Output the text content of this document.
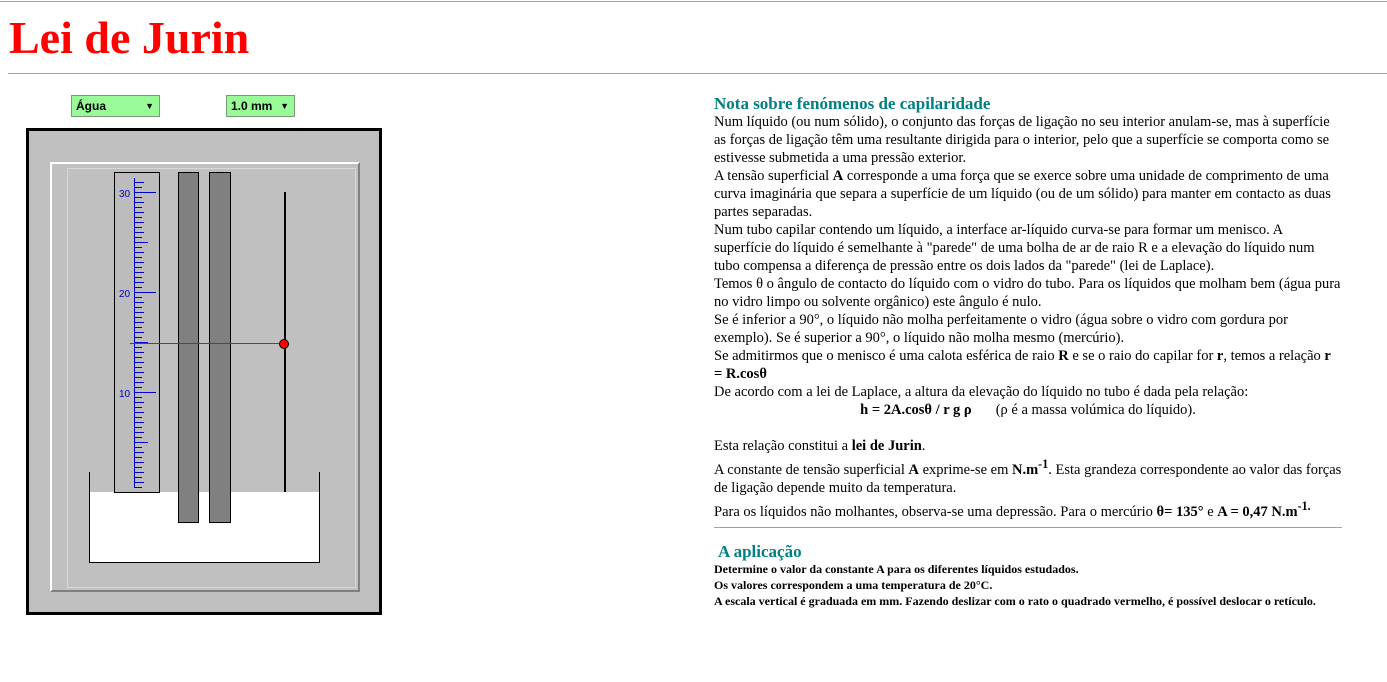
Lei de Jurin
Água	▼	1.0 mm ▼
30
20
10
Nota sobre fenómenos de capilaridade

Num líquido (ou num sólido), o conjunto das forças de ligação no seu interior anulam-se, mas à superfície as forças de ligação têm uma resultante dirigida para o interior, pelo que a superfície se comporta como se estivesse submetida a uma pressão exterior.

A tensão superficial A corresponde a uma força que se exerce sobre uma unidade de comprimento de uma curva imaginária que separa a superfície de um líquido (ou de um sólido) para manter em contacto as duas partes separadas.

Num tubo capilar contendo um líquido, a interface ar-líquido curva-se para formar um menisco. A superfície do líquido é semelhante à "parede" de uma bolha de ar de raio R e a elevação do líquido num tubo compensa a diferença de pressão entre os dois lados da "parede" (lei de Laplace).

Temos θ o ângulo de contacto do líquido com o vidro do tubo. Para os líquidos que molham bem (água pura no vidro limpo ou solvente orgânico) este ângulo é nulo.

Se é inferior a 90°, o líquido não molha perfeitamente o vidro (água sobre o vidro com gordura por exemplo). Se é superior a 90°, o líquido não molha mesmo (mercúrio).

Se admitirmos que o menisco é uma calota esférica de raio R e se o raio do capilar for r, temos a relação r = R.cosθ

De acordo com a lei de Laplace, a altura da elevação do líquido no tubo é dada pela relação:

h = 2A.cosθ / r g ρ (ρ é a massa volúmica do líquido).

Esta relação constitui a lei de Jurin.

A constante de tensão superficial A exprime-se em $N.m^{-1}$. Esta grandeza correspondente ao valor das forças de ligação depende muito da temperatura.

Para os líquidos não molhantes, observa-se uma depressão. Para o mercúrio θ= 135° e A = 0,47 $N.m^{-1.}$

A aplicação

Determine o valor da constante A para os diferentes líquidos estudados.

Os valores correspondem a uma temperatura de 20°C.

A escala vertical é graduada em mm. Fazendo deslizar com o rato o quadrado vermelho, é possível deslocar o retículo.
